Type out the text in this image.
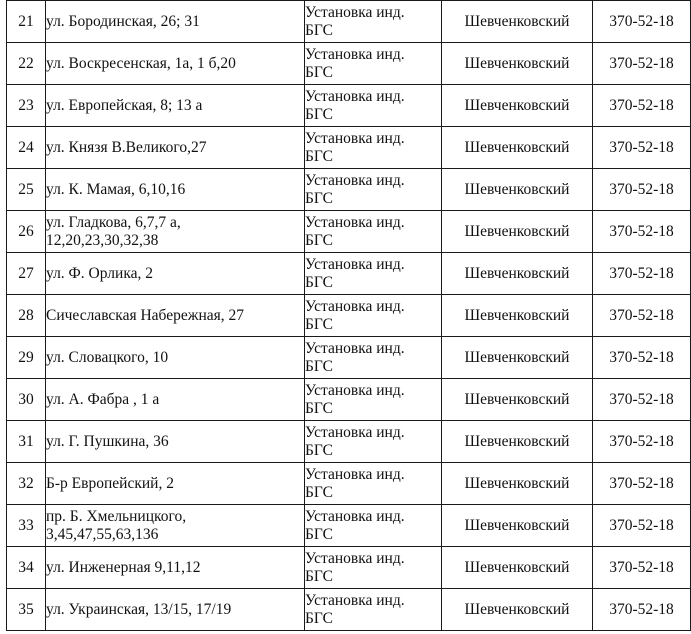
21	ул. Бородинская, 26; 31	Установка инд.
БГС	Шевченковский	370-52-18
22	ул. Воскресенская, 1а, 1 б,20	Установка инд.
БГС	Шевченковский	370-52-18
23	ул. Европейская, 8; 13 а	Установка инд.
БГС	Шевченковский	370-52-18
24	ул. Князя В.Великого,27	Установка инд.
БГС	Шевченковский	370-52-18
25	ул. К. Мамая, 6,10,16	Установка инд.
БГС	Шевченковский	370-52-18
26	ул. Гладкова, 6,7,7 а,
12,20,23,30,32,38	Установка инд.
БГС	Шевченковский	370-52-18
27	ул. Ф. Орлика, 2	Установка инд.
БГС	Шевченковский	370-52-18
28	Сичеславская Набережная, 27	Установка инд.
БГС	Шевченковский	370-52-18
29	ул. Словацкого, 10	Установка инд.
БГС	Шевченковский	370-52-18
30	ул. А. Фабра , 1 а	Установка инд.
БГС	Шевченковский	370-52-18
31	ул. Г. Пушкина, 36	Установка инд.
БГС	Шевченковский	370-52-18
32	Б-р Европейский, 2	Установка инд.
БГС	Шевченковский	370-52-18
33	пр. Б. Хмельницкого,
3,45,47,55,63,136	Установка инд.
БГС	Шевченковский	370-52-18
34	ул. Инженерная 9,11,12	Установка инд.
БГС	Шевченковский	370-52-18
35	ул. Украинская, 13/15, 17/19	Установка инд.
БГС	Шевченковский	370-52-18
